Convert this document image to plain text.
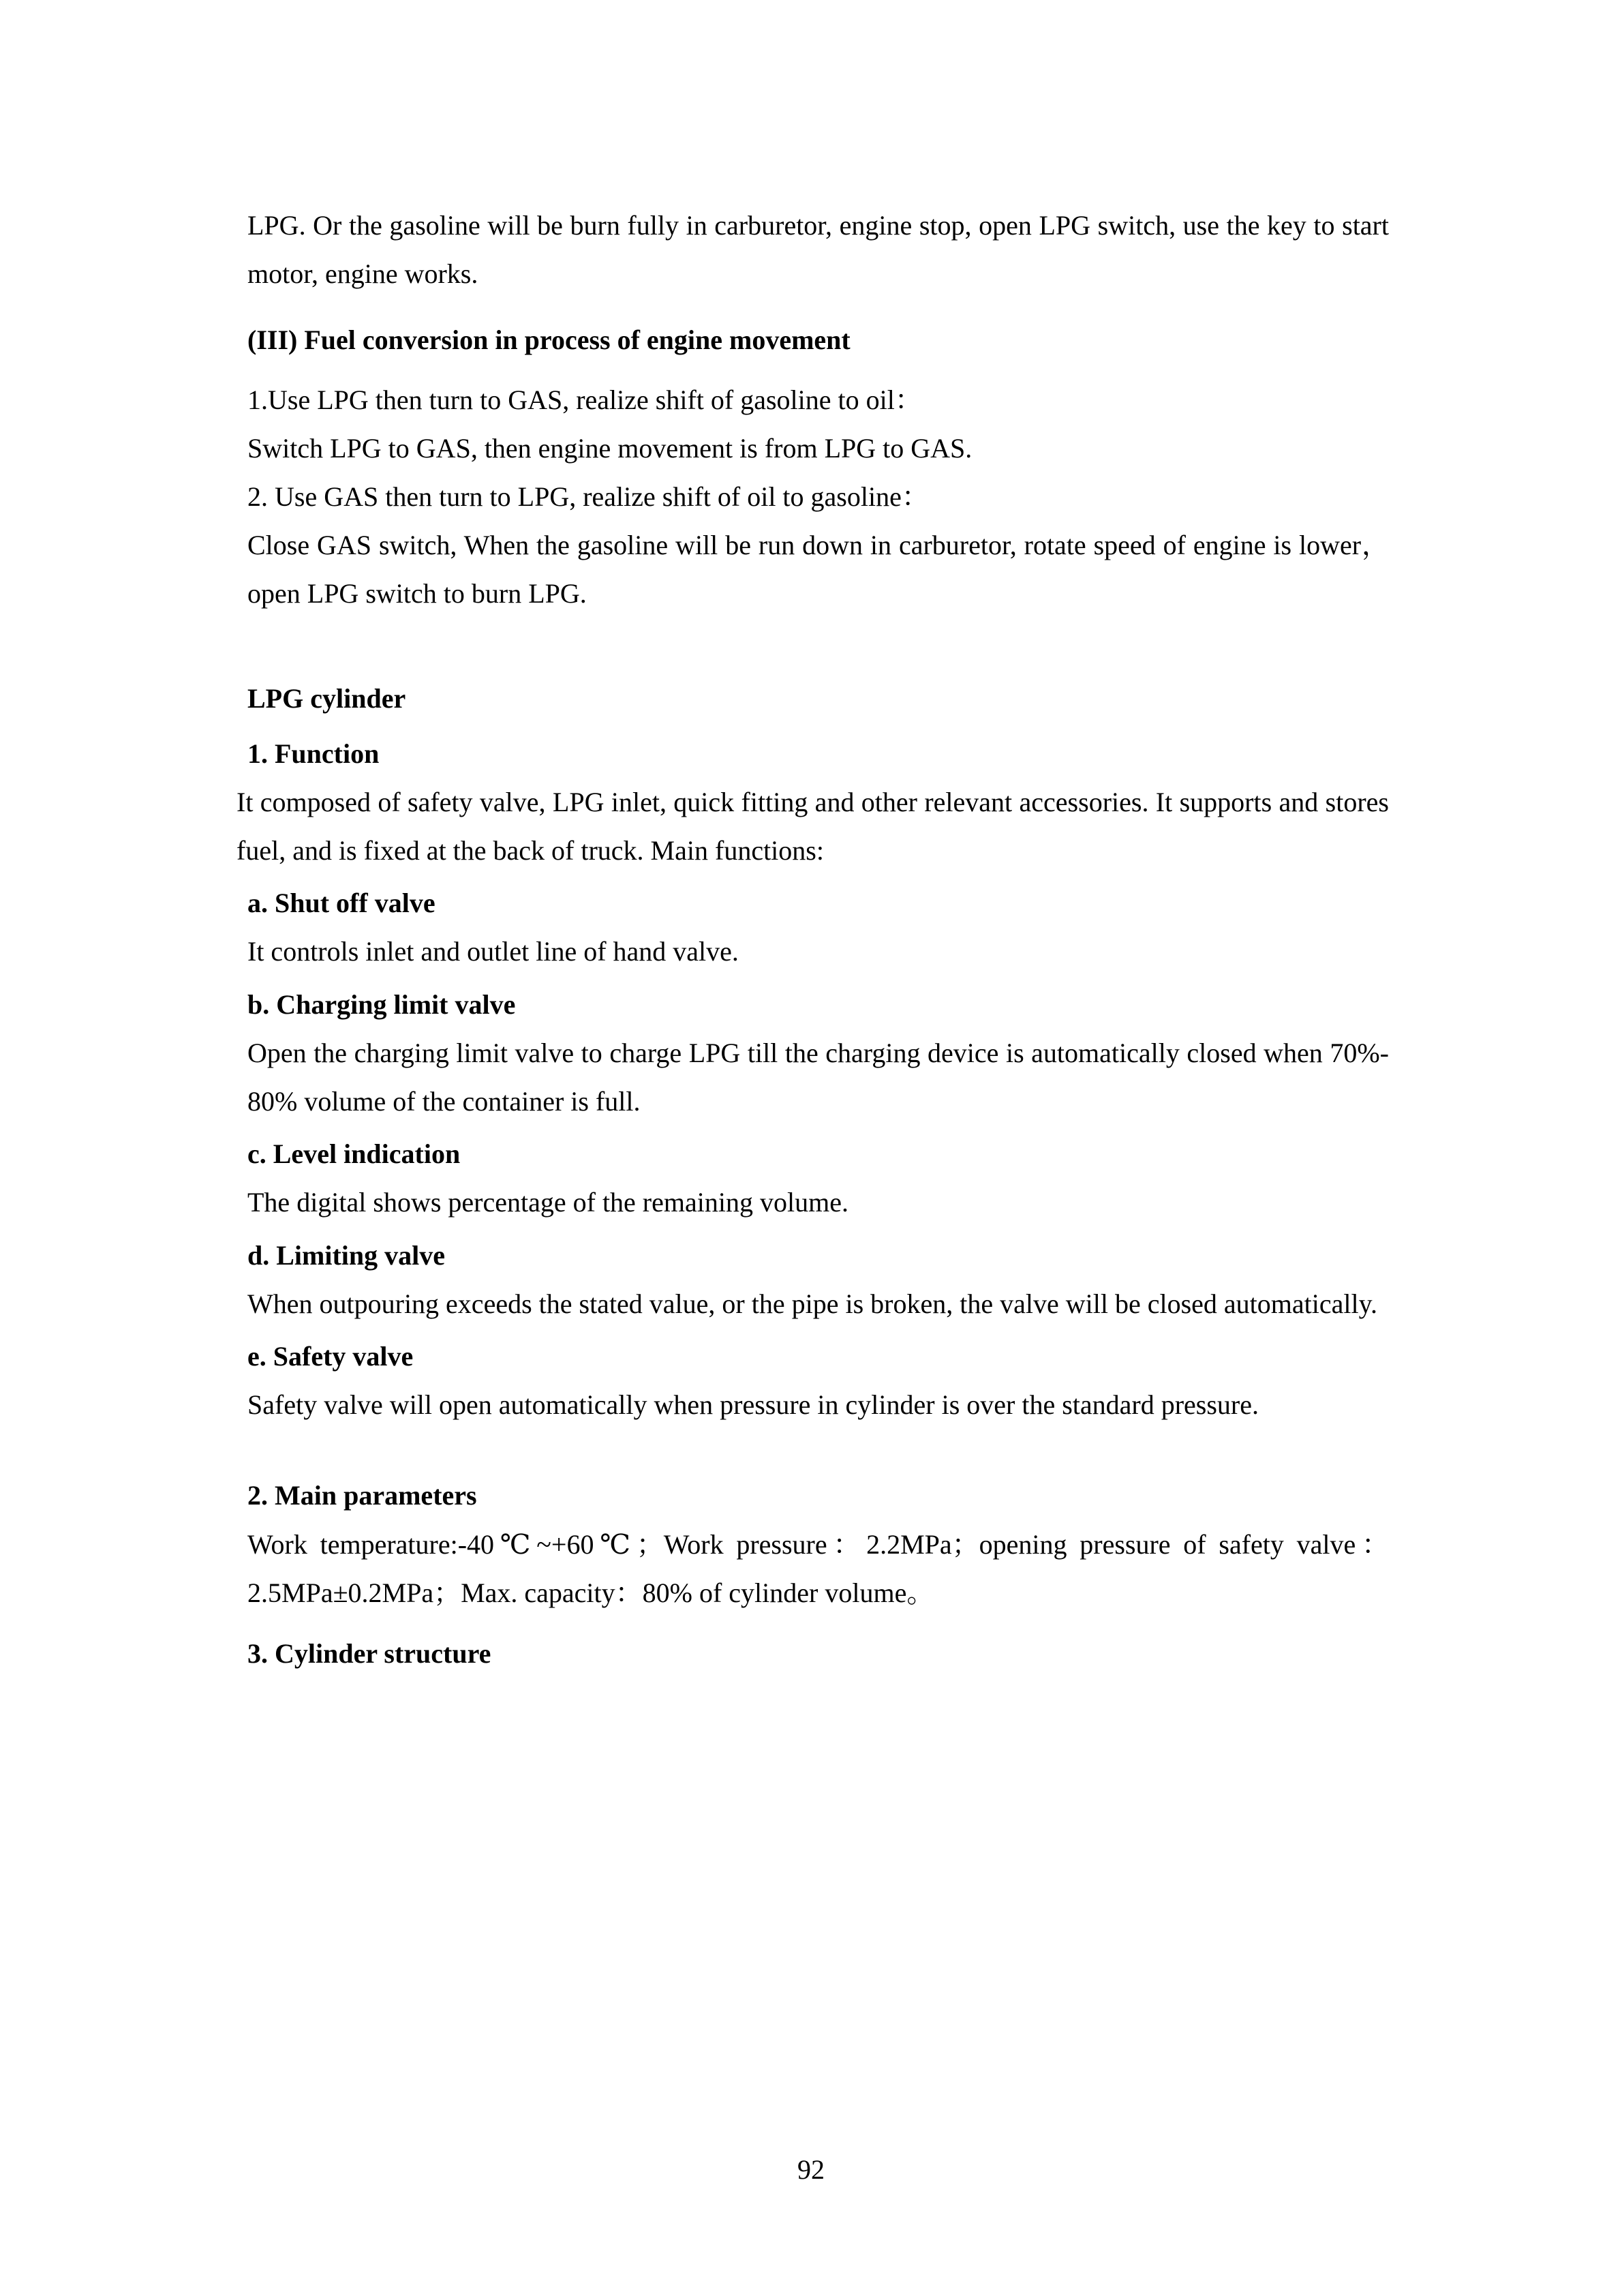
LPG. Or the gasoline will be burn fully in carburetor, engine stop, open LPG switch, use the key to start motor, engine works.

(III) Fuel conversion in process of engine movement

1.Use LPG then turn to GAS, realize shift of gasoline to oil：

Switch LPG to GAS, then engine movement is from LPG to GAS.

2. Use GAS then turn to LPG, realize shift of oil to gasoline：

Close GAS switch, When the gasoline will be run down in carburetor, rotate speed of engine is lower，open LPG switch to burn LPG.

LPG cylinder

1. Function

It composed of safety valve, LPG inlet, quick fitting and other relevant accessories. It supports and stores fuel, and is fixed at the back of truck. Main functions:

a. Shut off valve

It controls inlet and outlet line of hand valve.

b. Charging limit valve

Open the charging limit valve to charge LPG till the charging device is automatically closed when 70%- 80% volume of the container is full.

c. Level indication

The digital shows percentage of the remaining volume.

d. Limiting valve

When outpouring exceeds the stated value, or the pipe is broken, the valve will be closed automatically.

e. Safety valve

Safety valve will open automatically when pressure in cylinder is over the standard pressure.

2. Main parameters

Work temperature:-40℃~+60℃；Work pressure：2.2MPa；opening pressure of safety valve：2.5MPa±0.2MPa；Max. capacity：80% of cylinder volume。

3. Cylinder structure

92
